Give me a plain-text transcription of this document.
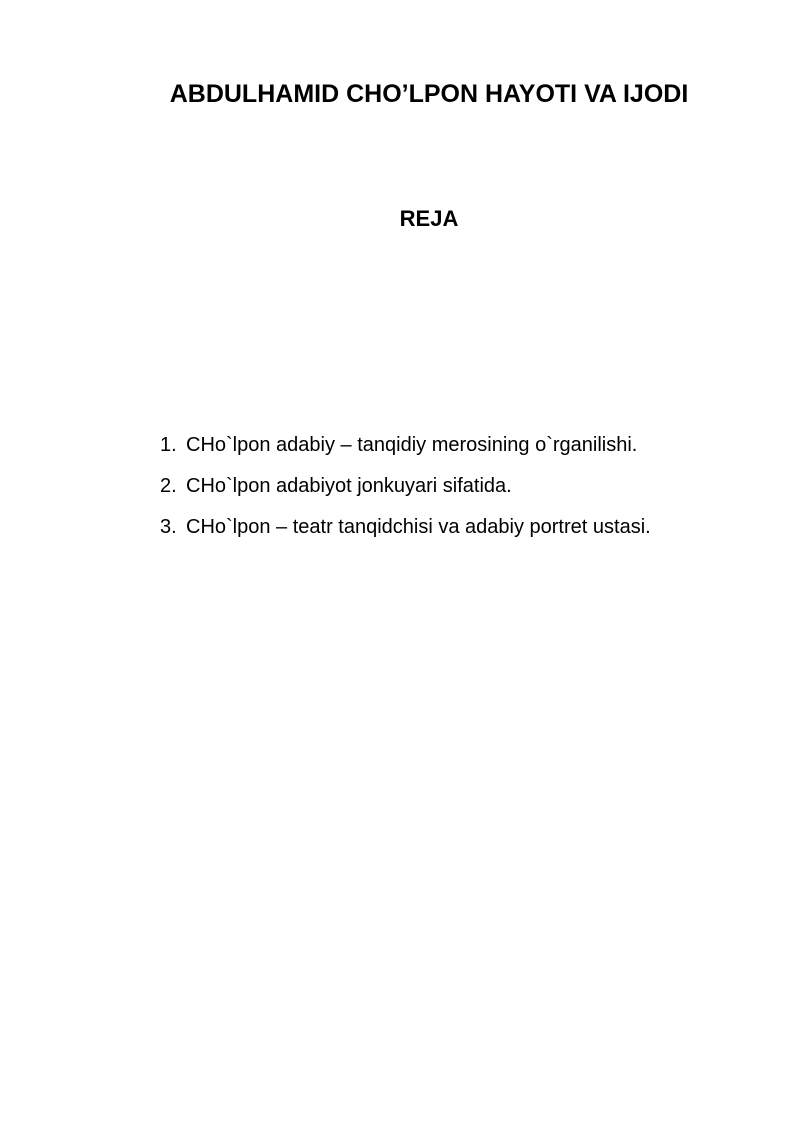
ABDULHAMID CHO’LPON HAYOTI VA IJODI
REJA
1. CHo`lpon adabiy – tanqidiy merosining o`rganilishi.
2. CHo`lpon adabiyot jonkuyari sifatida.
3. CHo`lpon – teatr tanqidchisi va adabiy portret ustasi.
